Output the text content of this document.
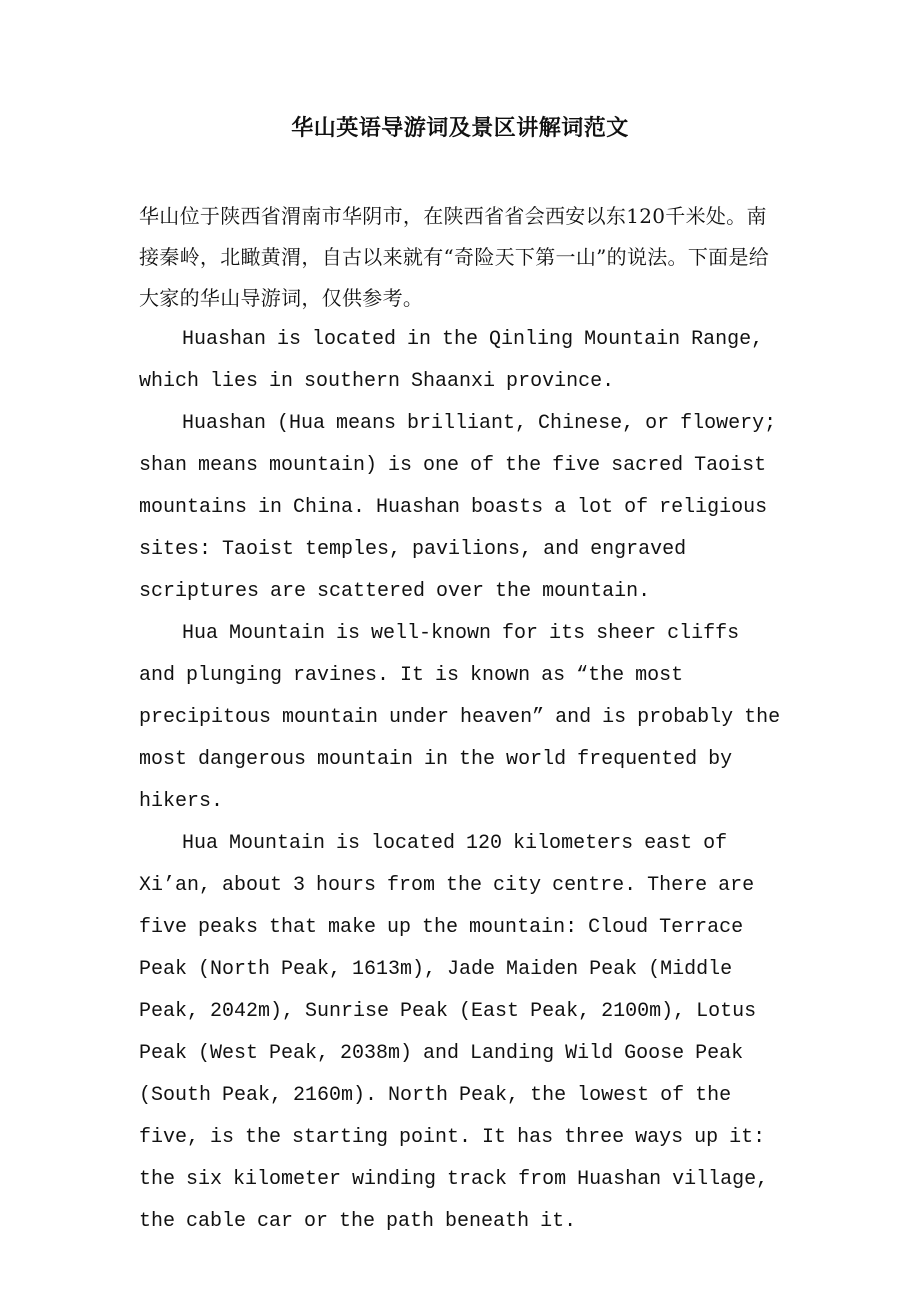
华山英语导游词及景区讲解词范文

华山位于陕西省渭南市华阴市，在陕西省省会西安以东120千米处。南接秦岭，北瞰黄渭，自古以来就有“奇险天下第一山”的说法。下面是给大家的华山导游词，仅供参考。

Huashan is located in the Qinling Mountain Range, which lies in southern Shaanxi province.

Huashan (Hua means brilliant, Chinese, or flowery; shan means mountain) is one of the five sacred Taoist mountains in China. Huashan boasts a lot of religious sites: Taoist temples, pavilions, and engraved scriptures are scattered over the mountain.

Hua Mountain is well-known for its sheer cliffs and plunging ravines. It is known as “the most precipitous mountain under heaven” and is probably the most dangerous mountain in the world frequented by hikers.

Hua Mountain is located 120 kilometers east of Xi’an, about 3 hours from the city centre. There are five peaks that make up the mountain: Cloud Terrace Peak (North Peak, 1613m), Jade Maiden Peak (Middle Peak, 2042m), Sunrise Peak (East Peak, 2100m), Lotus Peak (West Peak, 2038m) and Landing Wild Goose Peak (South Peak, 2160m). North Peak, the lowest of the five, is the starting point. It has three ways up it: the six kilometer winding track from Huashan village, the cable car or the path beneath it.
